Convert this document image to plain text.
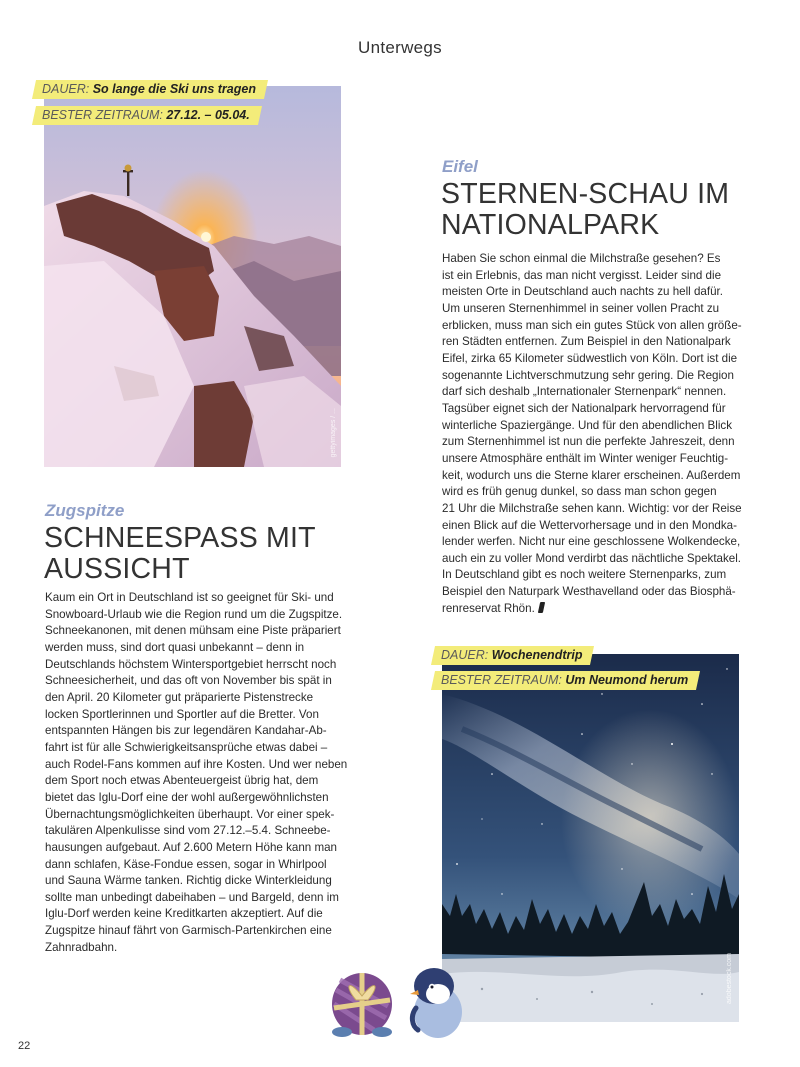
Unterwegs
gettyimages / ...
DAUER: So lange die Ski uns tragen
BESTER ZEITRAUM: 27.12. – 05.04.
Zugspitze
SCHNEESPASS MIT
AUSSICHT
Kaum ein Ort in Deutschland ist so geeignet für Ski- und
Snowboard-Urlaub wie die Region rund um die Zugspitze.
Schneekanonen, mit denen mühsam eine Piste präpariert
werden muss, sind dort quasi unbekannt – denn in
Deutschlands höchstem Wintersportgebiet herrscht noch
Schneesicherheit, und das oft von November bis spät in
den April. 20 Kilometer gut präparierte Pistenstrecke
locken Sportlerinnen und Sportler auf die Bretter. Von
entspannten Hängen bis zur legendären Kandahar-Ab-
fahrt ist für alle Schwierigkeitsansprüche etwas dabei –
auch Rodel-Fans kommen auf ihre Kosten. Und wer neben
dem Sport noch etwas Abenteuergeist übrig hat, dem
bietet das Iglu-Dorf eine der wohl außergewöhnlichsten
Übernachtungsmöglichkeiten überhaupt. Vor einer spek-
takulären Alpenkulisse sind vom 27.12.–5.4. Schneebe-
hausungen aufgebaut. Auf 2.600 Metern Höhe kann man
dann schlafen, Käse-Fondue essen, sogar in Whirlpool
und Sauna Wärme tanken. Richtig dicke Winterkleidung
sollte man unbedingt dabeihaben – und Bargeld, denn im
Iglu-Dorf werden keine Kreditkarten akzeptiert. Auf die
Zugspitze hinauf fährt von Garmisch-Partenkirchen eine
Zahnradbahn.
Eifel
STERNEN-SCHAU IM
NATIONALPARK
Haben Sie schon einmal die Milchstraße gesehen? Es
ist ein Erlebnis, das man nicht vergisst. Leider sind die
meisten Orte in Deutschland auch nachts zu hell dafür.
Um unseren Sternenhimmel in seiner vollen Pracht zu
erblicken, muss man sich ein gutes Stück von allen größe-
ren Städten entfernen. Zum Beispiel in den Nationalpark
Eifel, zirka 65 Kilometer südwestlich von Köln. Dort ist die
sogenannte Lichtverschmutzung sehr gering. Die Region
darf sich deshalb „Internationaler Sternenpark“ nennen.
Tagsüber eignet sich der Nationalpark hervorragend für
winterliche Spaziergänge. Und für den abendlichen Blick
zum Sternenhimmel ist nun die perfekte Jahreszeit, denn
unsere Atmosphäre enthält im Winter weniger Feuchtig-
keit, wodurch uns die Sterne klarer erscheinen. Außerdem
wird es früh genug dunkel, so dass man schon gegen
21 Uhr die Milchstraße sehen kann. Wichtig: vor der Reise
einen Blick auf die Wettervorhersage und in den Mondka-
lender werfen. Nicht nur eine geschlossene Wolkendecke,
auch ein zu voller Mond verdirbt das nächtliche Spektakel.
In Deutschland gibt es noch weitere Sternenparks, zum
Beispiel den Naturpark Westhavelland oder das Biosphä-
renreservat Rhön.
adobestock.com
DAUER: Wochenendtrip
BESTER ZEITRAUM: Um Neumond herum
22
